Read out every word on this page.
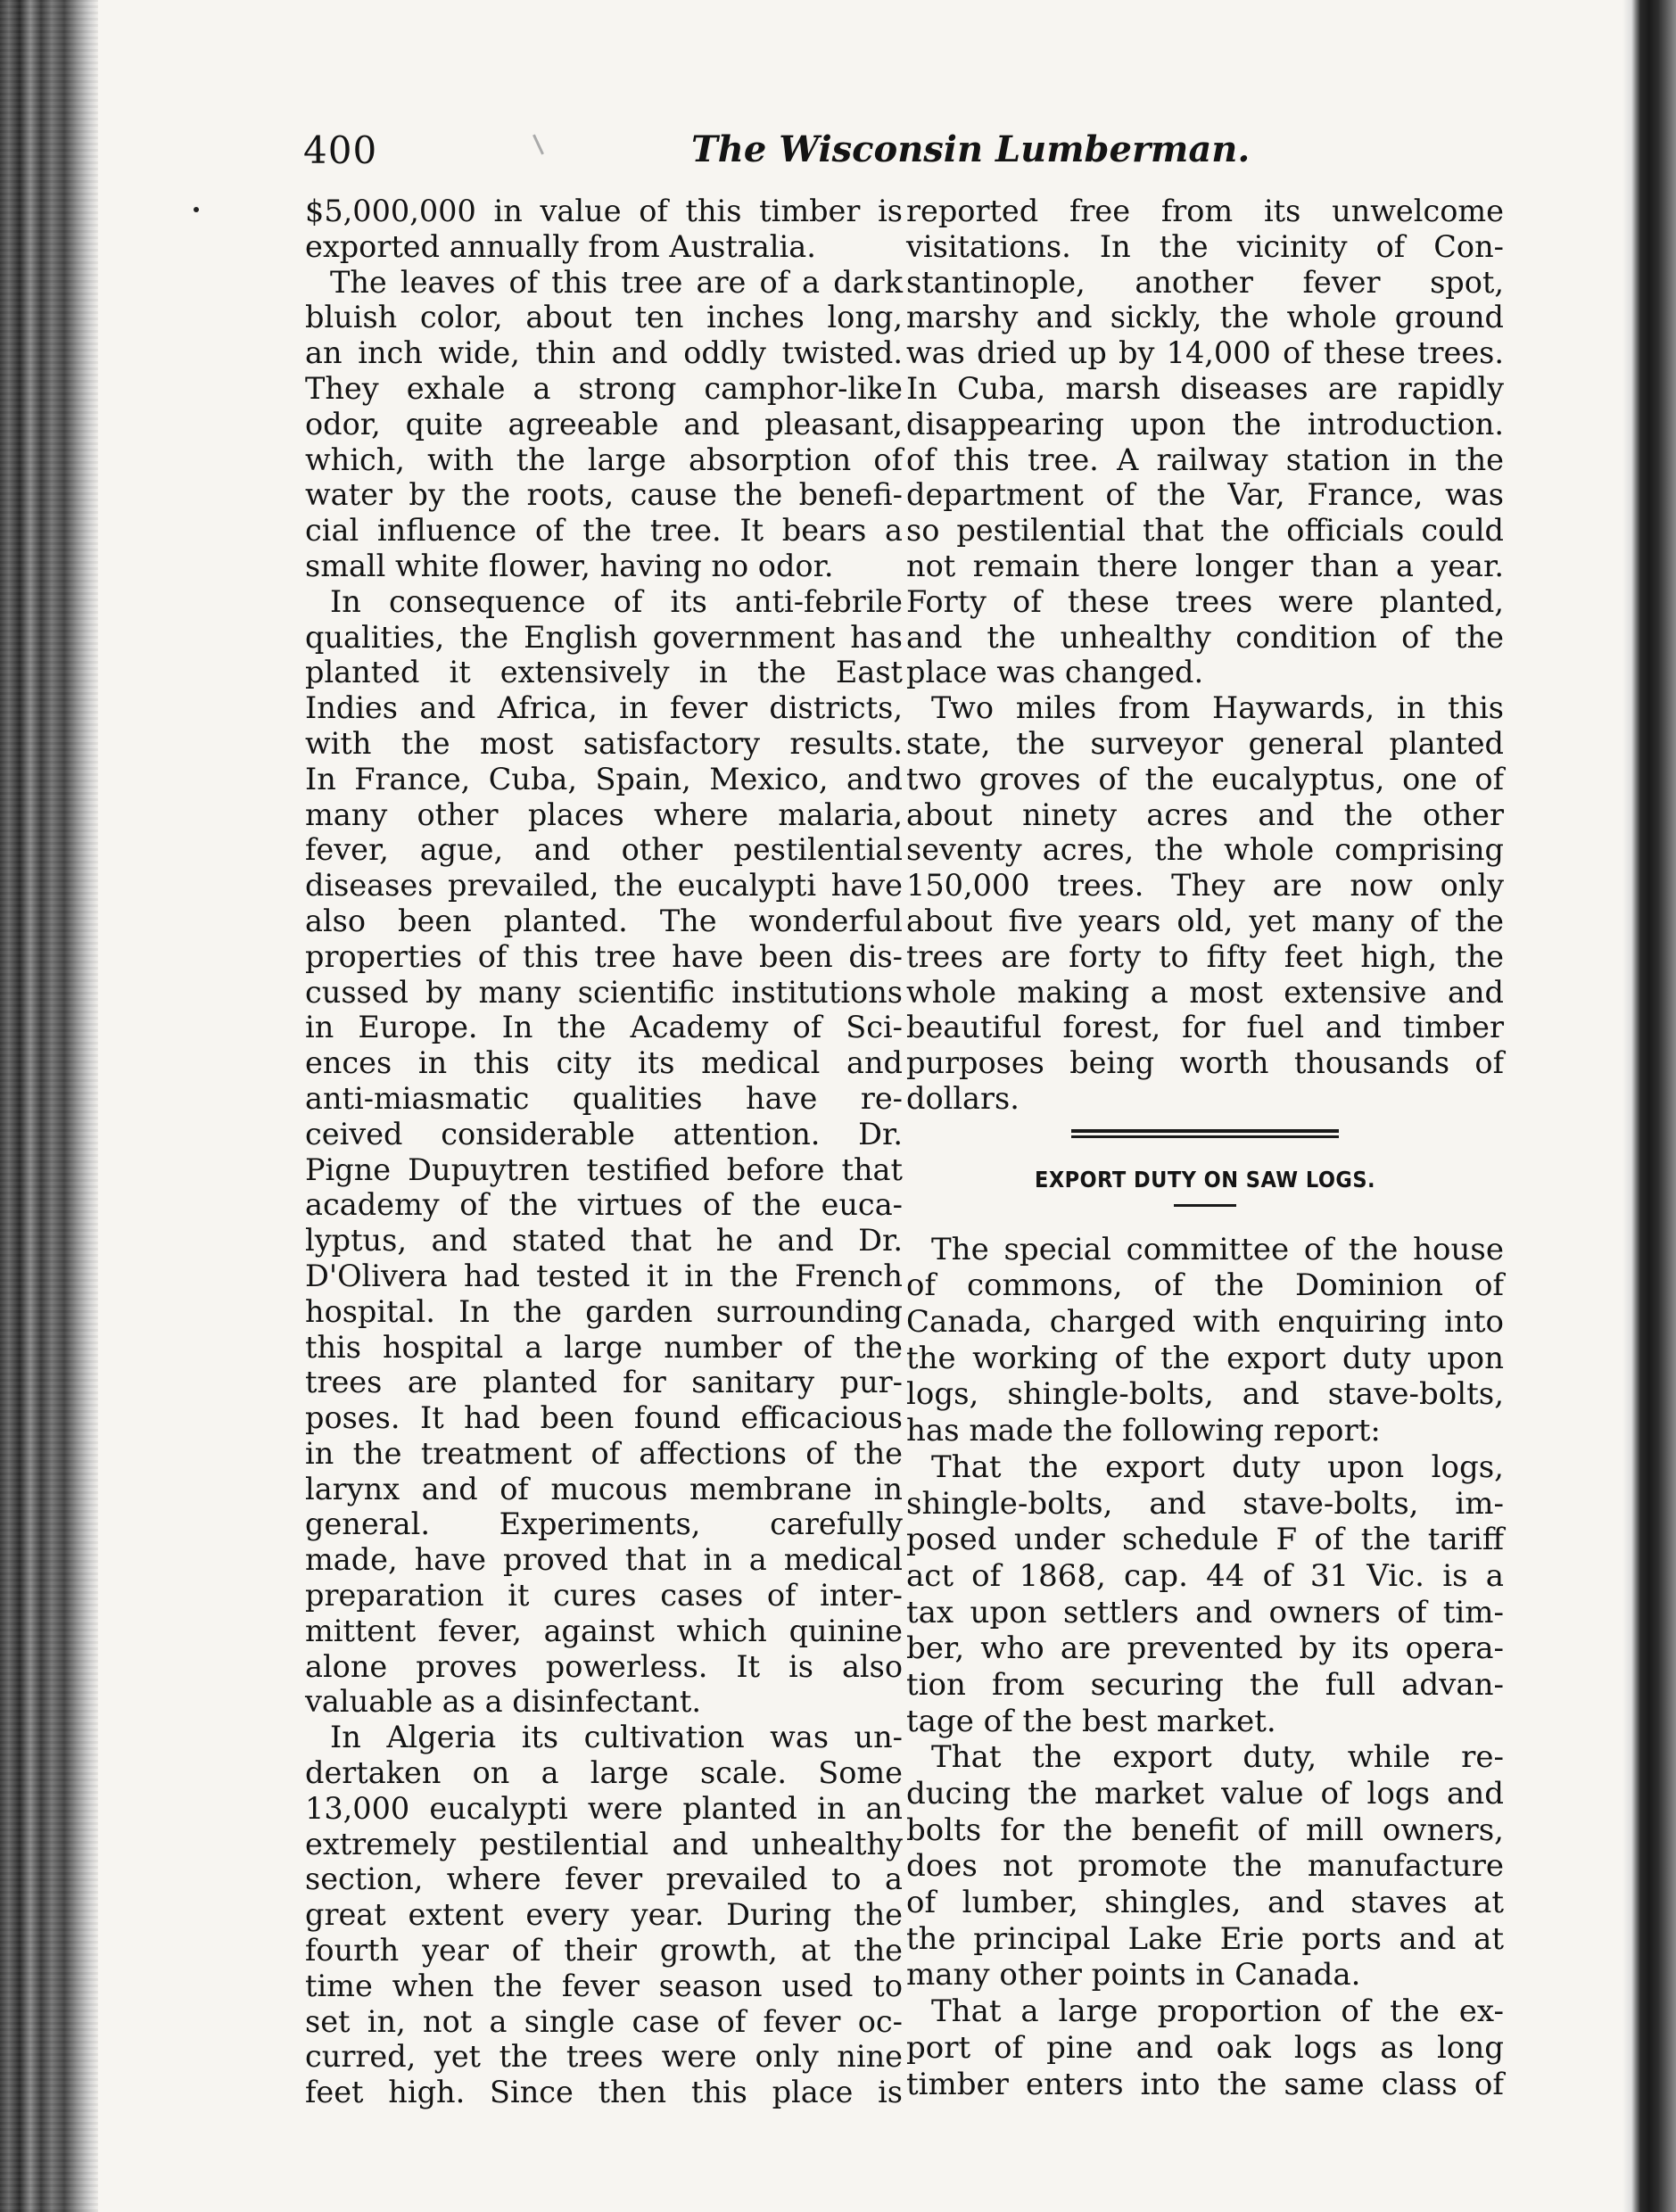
400	The Wisconsin Lumberman.
$5,000,000 in value of this timber is
exported annually from Australia.
The leaves of this tree are of a dark
bluish color, about ten inches long,
an inch wide, thin and oddly twisted.
They exhale a strong camphor-like
odor, quite agreeable and pleasant,
which, with the large absorption of
water by the roots, cause the benefi-
cial influence of the tree. It bears a
small white flower, having no odor.
In consequence of its anti-febrile
qualities, the English government has
planted it extensively in the East
Indies and Africa, in fever districts,
with the most satisfactory results.
In France, Cuba, Spain, Mexico, and
many other places where malaria,
fever, ague, and other pestilential
diseases prevailed, the eucalypti have
also been planted. The wonderful
properties of this tree have been dis-
cussed by many scientific institutions
in Europe. In the Academy of Sci-
ences in this city its medical and
anti-miasmatic qualities have re-
ceived considerable attention. Dr.
Pigne Dupuytren testified before that
academy of the virtues of the euca-
lyptus, and stated that he and Dr.
D'Olivera had tested it in the French
hospital. In the garden surrounding
this hospital a large number of the
trees are planted for sanitary pur-
poses. It had been found efficacious
in the treatment of affections of the
larynx and of mucous membrane in
general. Experiments, carefully
made, have proved that in a medical
preparation it cures cases of inter-
mittent fever, against which quinine
alone proves powerless. It is also
valuable as a disinfectant.
In Algeria its cultivation was un-
dertaken on a large scale. Some
13,000 eucalypti were planted in an
extremely pestilential and unhealthy
section, where fever prevailed to a
great extent every year. During the
fourth year of their growth, at the
time when the fever season used to
set in, not a single case of fever oc-
curred, yet the trees were only nine
feet high. Since then this place is
reported free from its unwelcome
visitations. In the vicinity of Con-
stantinople, another fever spot,
marshy and sickly, the whole ground
was dried up by 14,000 of these trees.
In Cuba, marsh diseases are rapidly
disappearing upon the introduction.
of this tree. A railway station in the
department of the Var, France, was
so pestilential that the officials could
not remain there longer than a year.
Forty of these trees were planted,
and the unhealthy condition of the
place was changed.
Two miles from Haywards, in this
state, the surveyor general planted
two groves of the eucalyptus, one of
about ninety acres and the other
seventy acres, the whole comprising
150,000 trees. They are now only
about five years old, yet many of the
trees are forty to fifty feet high, the
whole making a most extensive and
beautiful forest, for fuel and timber
purposes being worth thousands of
dollars.
EXPORT DUTY ON SAW LOGS.
The special committee of the house
of commons, of the Dominion of
Canada, charged with enquiring into
the working of the export duty upon
logs, shingle-bolts, and stave-bolts,
has made the following report:
That the export duty upon logs,
shingle-bolts, and stave-bolts, im-
posed under schedule F of the tariff
act of 1868, cap. 44 of 31 Vic. is a
tax upon settlers and owners of tim-
ber, who are prevented by its opera-
tion from securing the full advan-
tage of the best market.
That the export duty, while re-
ducing the market value of logs and
bolts for the benefit of mill owners,
does not promote the manufacture
of lumber, shingles, and staves at
the principal Lake Erie ports and at
many other points in Canada.
That a large proportion of the ex-
port of pine and oak logs as long
timber enters into the same class of
